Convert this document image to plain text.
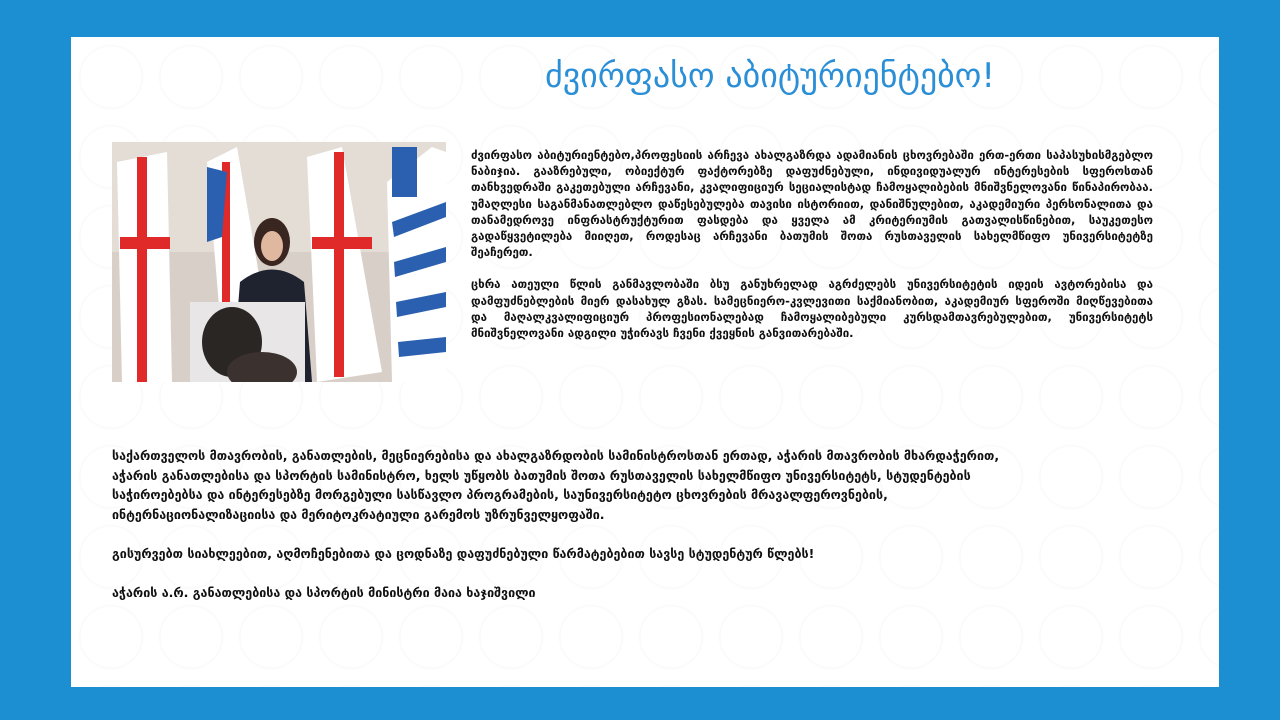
ძვირფასო აბიტურიენტებო!

ძვირფასო აბიტურიენტებო,პროფესიის არჩევა ახალგაზრდა ადამიანის ცხოვრებაში ერთ-ერთი საპასუხისმგებლო ნაბიჯია. გააზრებული, ობიექტურ ფაქტორებზე დაფუძნებული, ინდივიდუალურ ინტერესების სფეროსთან თანხვედრაში გაკეთებული არჩევანი, კვალიფიციურ სეციალისტად ჩამოყალიბების მნიშვნელოვანი წინაპირობაა. უმაღლესი საგანმანათლებლო დაწესებულება თავისი ისტორიით, დანიშნულებით, აკადემიური პერსონალითა და თანამედროვე ინფრასტრუქტურით ფასდება და ყველა ამ კრიტერიუმის გათვალისწინებით, საუკეთესო გადაწყვეტილება მიიღეთ, როდესაც არჩევანი ბათუმის შოთა რუსთაველის სახელმწიფო უნივერსიტეტზე შეაჩერეთ.

ცხრა ათეული წლის განმავლობაში ბსუ განუხრელად აგრძელებს უნივერსიტეტის იდეის ავტორებისა და დამფუძნებლების მიერ დასახულ გზას. სამეცნიერო-კვლევითი საქმიანობით, აკადემიურ სფეროში მიღწევებითა და მაღალკვალიფიციურ პროფესიონალებად ჩამოყალიბებული კურსდამთავრებულებით, უნივერსიტეტს მნიშვნელოვანი ადგილი უჭირავს ჩვენი ქვეყნის განვითარებაში.

საქართველოს მთავრობის, განათლების, მეცნიერებისა და ახალგაზრდობის სამინისტროსთან ერთად, აჭარის მთავრობის მხარდაჭერით,
აჭარის განათლებისა და სპორტის სამინისტრო, ხელს უწყობს ბათუმის შოთა რუსთაველის სახელმწიფო უნივერსიტეტს, სტუდენტების
საჭიროებებსა და ინტერესებზე მორგებული სასწავლო პროგრამების, საუნივერსიტეტო ცხოვრების მრავალფეროვნების,
ინტერნაციონალიზაციისა და მერიტოკრატიული გარემოს უზრუნველყოფაში.
გისურვებთ სიახლეებით, აღმოჩენებითა და ცოდნაზე დაფუძნებული წარმატებებით სავსე სტუდენტურ წლებს!
აჭარის ა.რ. განათლებისა და სპორტის მინისტრი მაია ხაჯიშვილი
